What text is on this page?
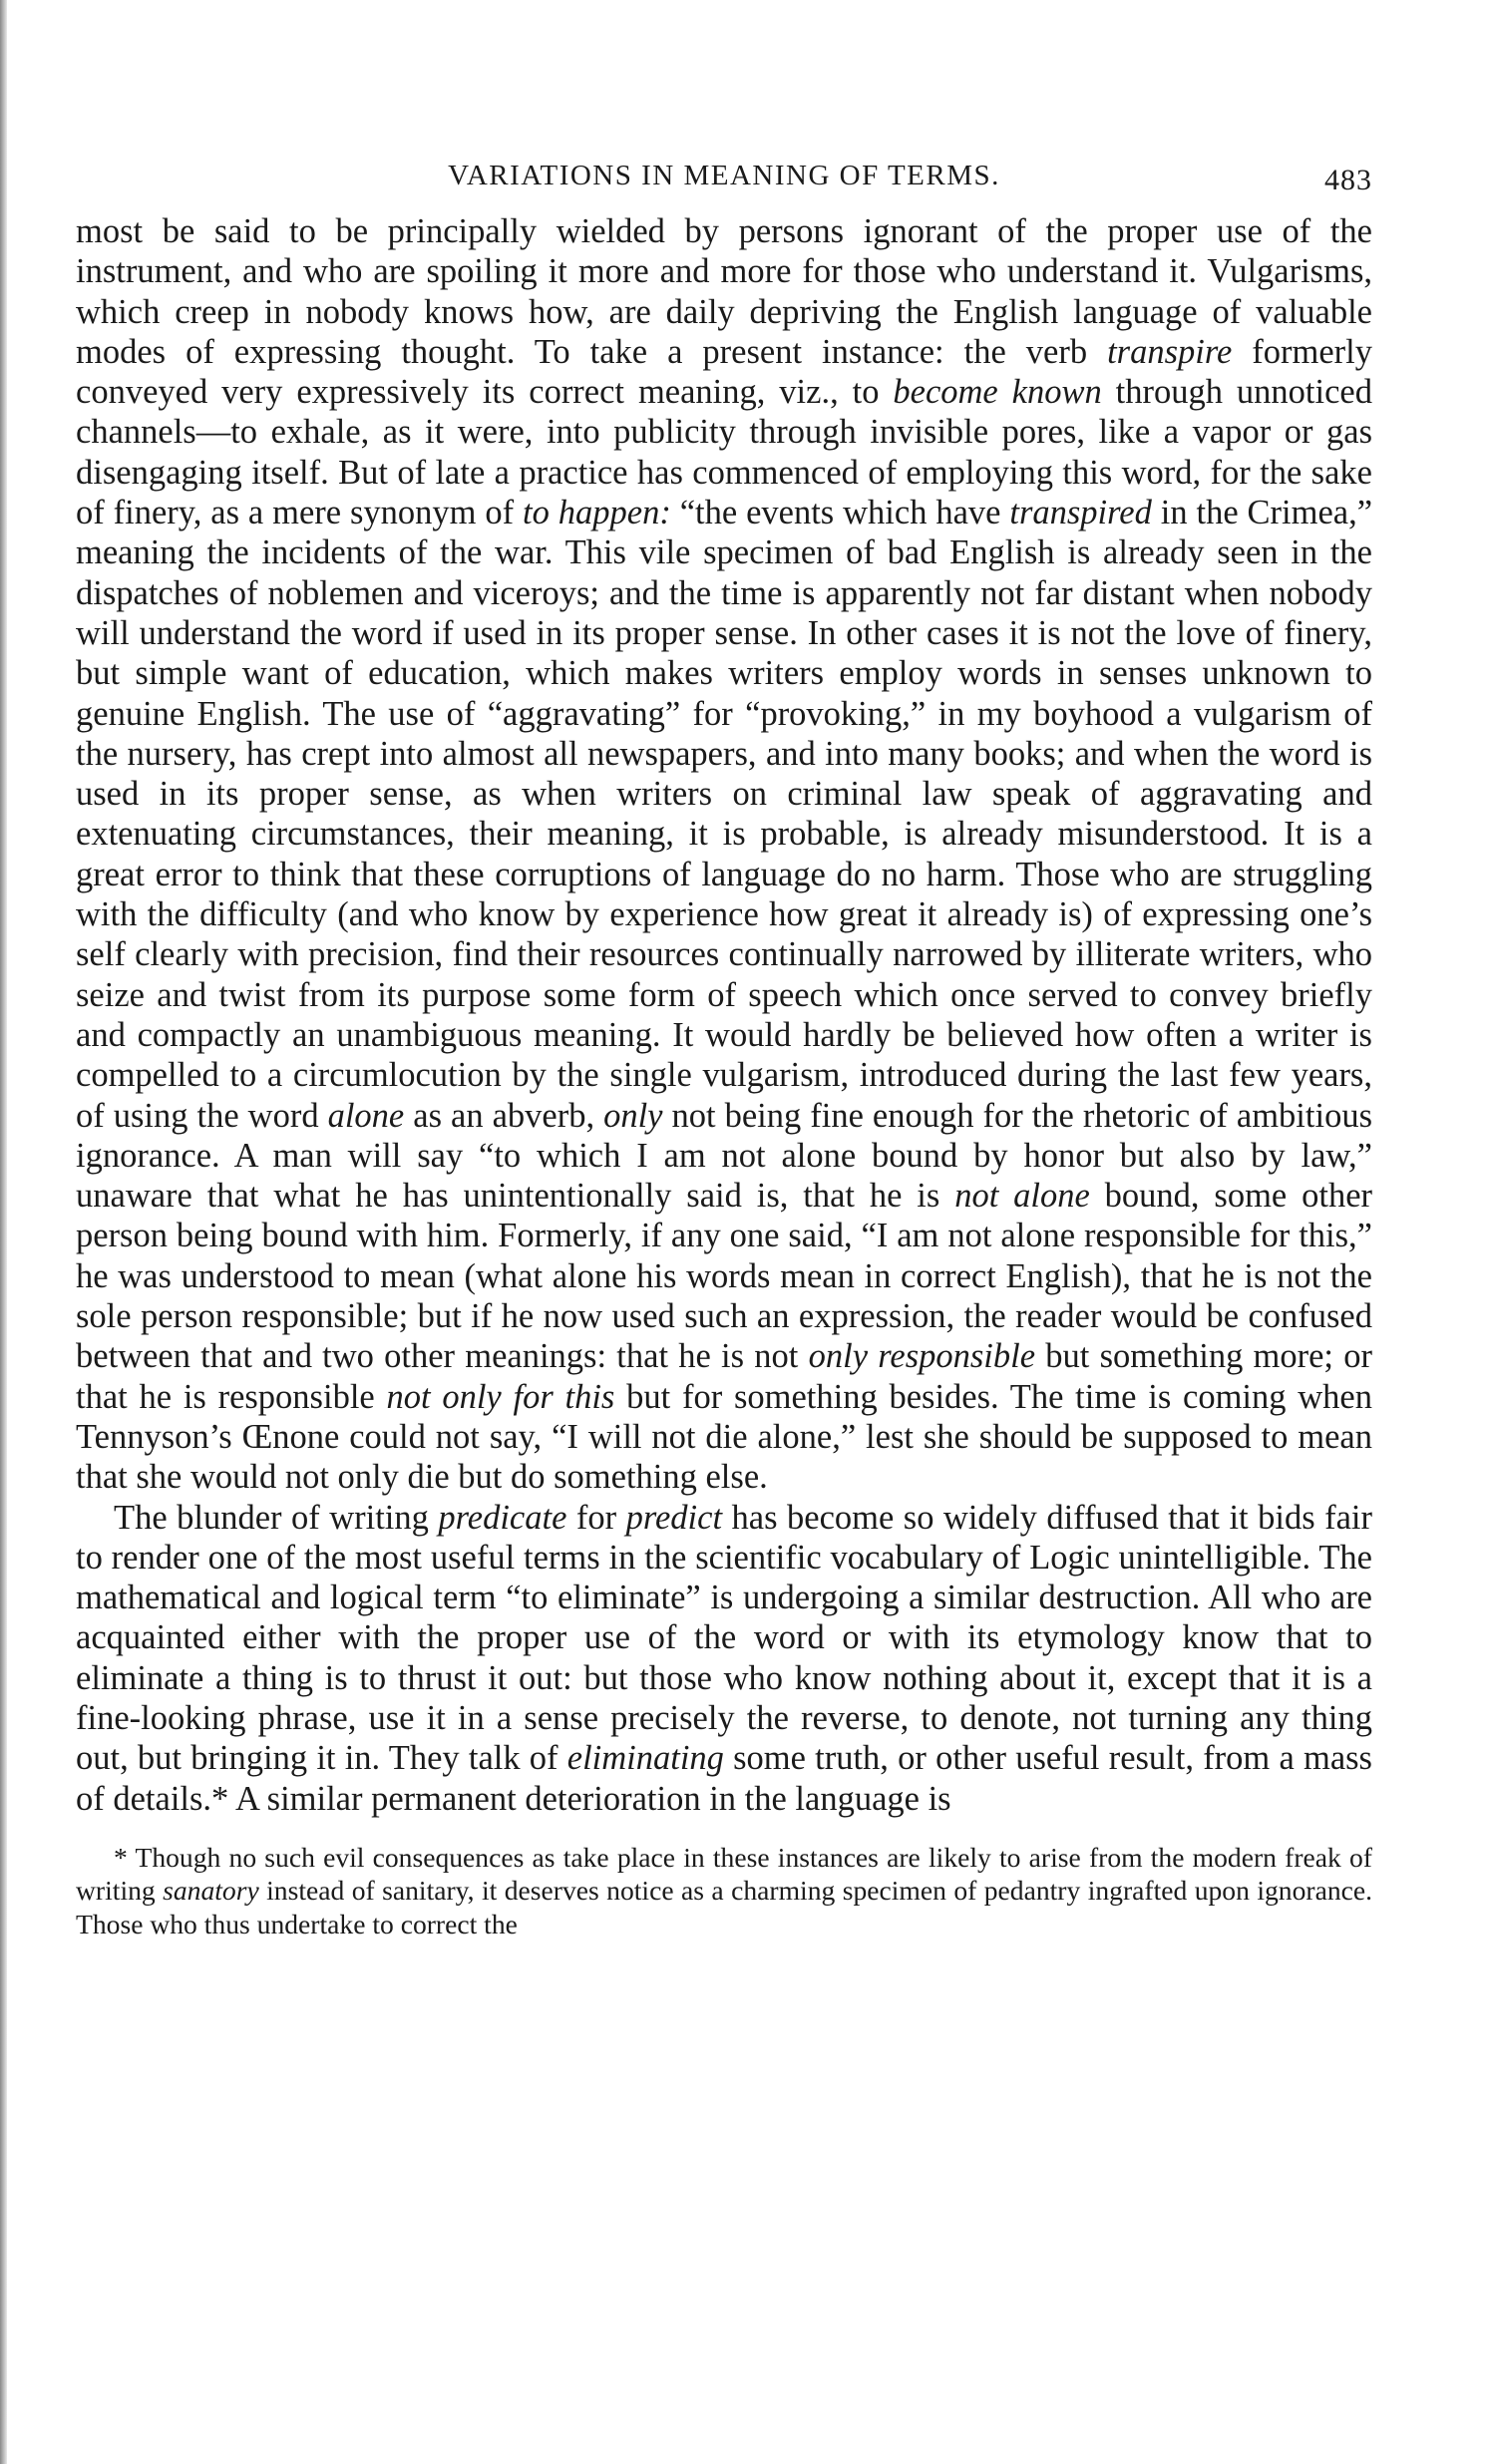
VARIATIONS IN MEANING OF TERMS.	483

most be said to be principally wielded by persons ignorant of the proper use of the instrument, and who are spoiling it more and more for those who understand it. Vulgarisms, which creep in nobody knows how, are daily depriving the English language of valuable modes of expressing thought. To take a present instance: the verb transpire formerly conveyed very expressively its correct meaning, viz., to become known through unnoticed channels—to exhale, as it were, into publicity through invisible pores, like a vapor or gas disengaging itself. But of late a practice has commenced of employing this word, for the sake of finery, as a mere synonym of to happen: “the events which have transpired in the Crimea,” meaning the incidents of the war. This vile specimen of bad English is already seen in the dispatches of noblemen and viceroys; and the time is apparently not far distant when nobody will understand the word if used in its proper sense. In other cases it is not the love of finery, but simple want of education, which makes writers employ words in senses unknown to genuine English. The use of “aggravating” for “provoking,” in my boyhood a vulgarism of the nursery, has crept into almost all newspapers, and into many books; and when the word is used in its proper sense, as when writers on criminal law speak of aggravating and extenuating circumstances, their meaning, it is probable, is already misunderstood. It is a great error to think that these corruptions of language do no harm. Those who are struggling with the difficulty (and who know by experience how great it already is) of expressing one’s self clearly with precision, find their resources continually narrowed by illiterate writers, who seize and twist from its purpose some form of speech which once served to convey briefly and compactly an unambiguous meaning. It would hardly be believed how often a writer is compelled to a circumlocution by the single vulgarism, introduced during the last few years, of using the word alone as an abverb, only not being fine enough for the rhetoric of ambitious ignorance. A man will say “to which I am not alone bound by honor but also by law,” unaware that what he has unintentionally said is, that he is not alone bound, some other person being bound with him. Formerly, if any one said, “I am not alone responsible for this,” he was understood to mean (what alone his words mean in correct English), that he is not the sole person responsible; but if he now used such an expression, the reader would be confused between that and two other meanings: that he is not only responsible but something more; or that he is responsible not only for this but for something besides. The time is coming when Tennyson’s Œnone could not say, “I will not die alone,” lest she should be supposed to mean that she would not only die but do something else.

The blunder of writing predicate for predict has become so widely diffused that it bids fair to render one of the most useful terms in the scientific vocabulary of Logic unintelligible. The mathematical and logical term “to eliminate” is undergoing a similar destruction. All who are acquainted either with the proper use of the word or with its etymology know that to eliminate a thing is to thrust it out: but those who know nothing about it, except that it is a fine-looking phrase, use it in a sense precisely the reverse, to denote, not turning any thing out, but bringing it in. They talk of eliminating some truth, or other useful result, from a mass of details.* A similar permanent deterioration in the language is

* Though no such evil consequences as take place in these instances are likely to arise from the modern freak of writing sanatory instead of sanitary, it deserves notice as a charming specimen of pedantry ingrafted upon ignorance. Those who thus undertake to correct the
